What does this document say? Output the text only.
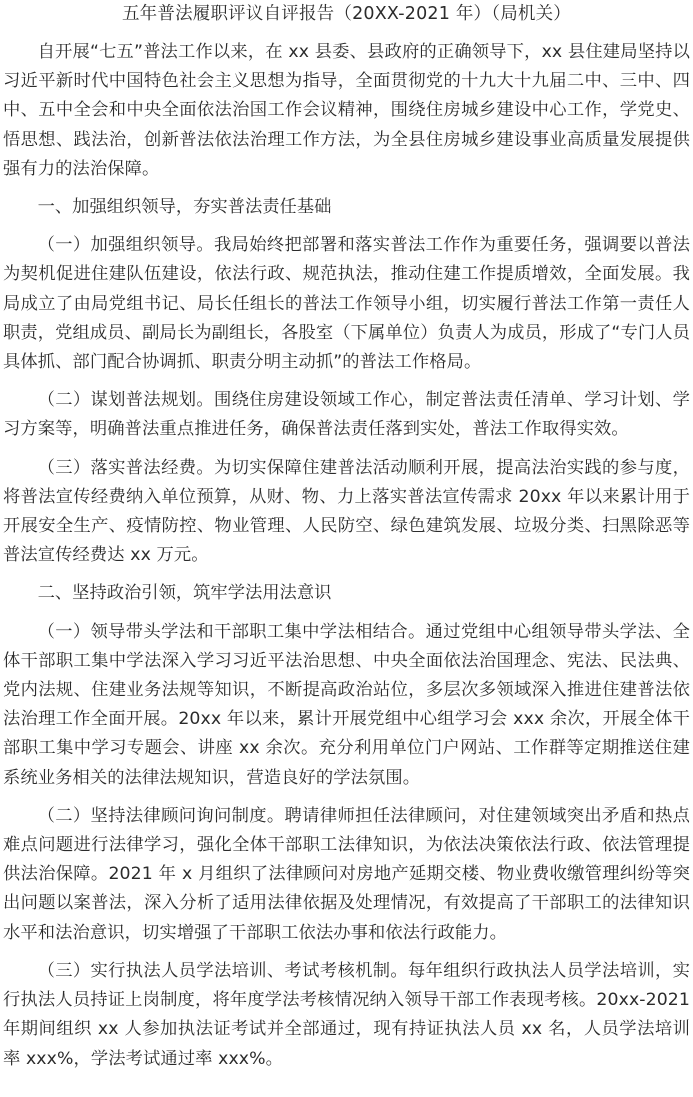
五年普法履职评议自评报告（20XX-2021 年）（局机关）

自开展“七五”普法工作以来，在 xx 县委、县政府的正确领导下，xx 县住建局坚持以习近平新时代中国特色社会主义思想为指导，全面贯彻党的十九大十九届二中、三中、四中、五中全会和中央全面依法治国工作会议精神，围绕住房城乡建设中心工作，学党史、悟思想、践法治，创新普法依法治理工作方法，为全县住房城乡建设事业高质量发展提供强有力的法治保障。

一、加强组织领导，夯实普法责任基础

（一）加强组织领导。我局始终把部署和落实普法工作作为重要任务，强调要以普法为契机促进住建队伍建设，依法行政、规范执法，推动住建工作提质增效，全面发展。我局成立了由局党组书记、局长任组长的普法工作领导小组，切实履行普法工作第一责任人职责，党组成员、副局长为副组长，各股室（下属单位）负责人为成员，形成了“专门人员具体抓、部门配合协调抓、职责分明主动抓”的普法工作格局。

（二）谋划普法规划。围绕住房建设领域工作心，制定普法责任清单、学习计划、学习方案等，明确普法重点推进任务，确保普法责任落到实处，普法工作取得实效。

（三）落实普法经费。为切实保障住建普法活动顺利开展，提高法治实践的参与度，将普法宣传经费纳入单位预算，从财、物、力上落实普法宣传需求 20xx 年以来累计用于开展安全生产、疫情防控、物业管理、人民防空、绿色建筑发展、垃圾分类、扫黑除恶等普法宣传经费达 xx 万元。

二、坚持政治引领，筑牢学法用法意识

（一）领导带头学法和干部职工集中学法相结合。通过党组中心组领导带头学法、全体干部职工集中学法深入学习习近平法治思想、中央全面依法治国理念、宪法、民法典、党内法规、住建业务法规等知识，不断提高政治站位，多层次多领域深入推进住建普法依法治理工作全面开展。20xx 年以来，累计开展党组中心组学习会 xxx 余次，开展全体干部职工集中学习专题会、讲座 xx 余次。充分利用单位门户网站、工作群等定期推送住建系统业务相关的法律法规知识，营造良好的学法氛围。

（二）坚持法律顾问询问制度。聘请律师担任法律顾问，对住建领域突出矛盾和热点难点问题进行法律学习，强化全体干部职工法律知识，为依法决策依法行政、依法管理提供法治保障。2021 年 x 月组织了法律顾问对房地产延期交楼、物业费收缴管理纠纷等突出问题以案普法，深入分析了适用法律依据及处理情况，有效提高了干部职工的法律知识水平和法治意识，切实增强了干部职工依法办事和依法行政能力。

（三）实行执法人员学法培训、考试考核机制。每年组织行政执法人员学法培训，实行执法人员持证上岗制度，将年度学法考核情况纳入领导干部工作表现考核。20xx-2021 年期间组织 xx 人参加执法证考试并全部通过，现有持证执法人员 xx 名，人员学法培训率 xxx%，学法考试通过率 xxx%。
